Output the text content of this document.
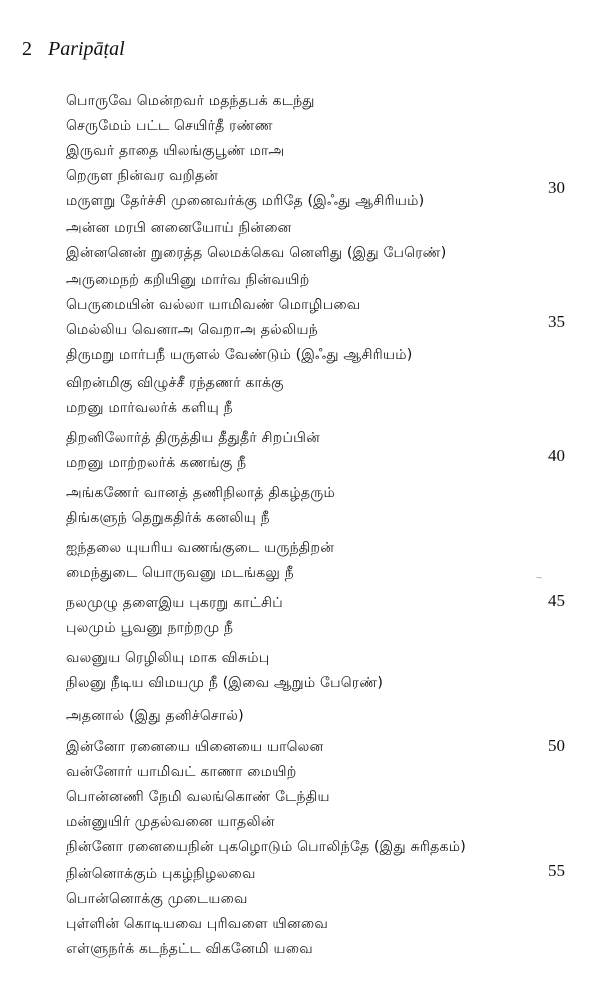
2 Paripāṭal
பொருவே மென்றவர் மதந்தபக் கடந்து
செருமேம் பட்ட செயிர்தீ ரண்ண
இருவர் தாதை யிலங்குபூண் மாஅ
றெருள நின்வர வறிதன்
மருளறு தேர்ச்சி முனைவர்க்கு மரிதே (இஃது ஆசிரியம்)
அன்ன மரபி னனையோய் நின்னை
இன்னனென் றுரைத்த லெமக்கெவ னெளிது (இது பேரெண்)
அருமைநற் கறியினு மார்வ நின்வயிற்
பெருமையின் வல்லா யாமிவண் மொழிபவை
மெல்லிய வெனாஅ வெறாஅ தல்லியந்
திருமறு மார்பநீ யருளல் வேண்டும் (இஃது ஆசிரியம்)
விறன்மிகு விழுச்சீ ரந்தணர் காக்கு
மறனு மார்வலர்க் களியு நீ
திறனிலோர்த் திருத்திய தீதுதீர் சிறப்பின்
மறனு மாற்றலர்க் கணங்கு நீ
அங்கணேர் வானத் தணிநிலாத் திகழ்தரும்
திங்களுந் தெறுகதிர்க் கனலியு நீ
ஐந்தலை யுயரிய வணங்குடை யருந்திறன்
மைந்துடை யொருவனு மடங்கலு நீ
நலமுழு தளைஇய புகரறு காட்சிப்
புலமும் பூவனு நாற்றமு நீ
வலனுய ரெழிலியு மாக விசும்பு
நிலனு நீடிய விமயமு நீ (இவை ஆறும் பேரெண்)
அதனால் (இது தனிச்சொல்)
இன்னோ ரனையை யினையை யாலென
வன்னோர் யாமிவட் காணா மையிற்
பொன்னணி நேமி வலங்கொண் டேந்திய
மன்னுயிர் முதல்வனை யாதலின்
நின்னோ ரனையைநின் புகழொடும் பொலிந்தே (இது சுரிதகம்)
நின்னொக்கும் புகழ்நிழலவை
பொன்னொக்கு முடையவை
புள்ளின் கொடியவை புரிவளை யினவை
எள்ளுநர்க் கடந்தட்ட விகனேமி யவை
30
35
40
45
50
55
⸌
